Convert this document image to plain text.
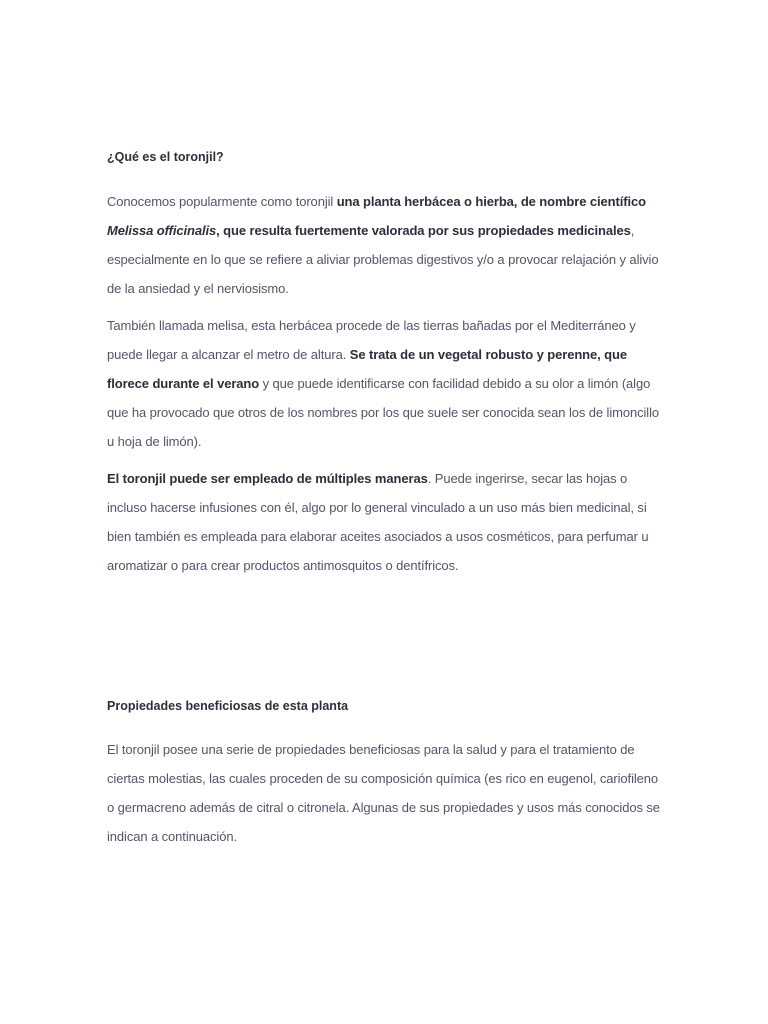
¿Qué es el toronjil?

Conocemos popularmente como toronjil una planta herbácea o hierba, de nombre científico Melissa officinalis, que resulta fuertemente valorada por sus propiedades medicinales, especialmente en lo que se refiere a aliviar problemas digestivos y/o a provocar relajación y alivio de la ansiedad y el nerviosismo.

También llamada melisa, esta herbácea procede de las tierras bañadas por el Mediterráneo y puede llegar a alcanzar el metro de altura. Se trata de un vegetal robusto y perenne, que florece durante el verano y que puede identificarse con facilidad debido a su olor a limón (algo que ha provocado que otros de los nombres por los que suele ser conocida sean los de limoncillo u hoja de limón).

El toronjil puede ser empleado de múltiples maneras. Puede ingerirse, secar las hojas o incluso hacerse infusiones con él, algo por lo general vinculado a un uso más bien medicinal, si bien también es empleada para elaborar aceites asociados a usos cosméticos, para perfumar u aromatizar o para crear productos antimosquitos o dentífricos.

Propiedades beneficiosas de esta planta

El toronjil posee una serie de propiedades beneficiosas para la salud y para el tratamiento de ciertas molestias, las cuales proceden de su composición química (es rico en eugenol, cariofileno o germacreno además de citral o citronela. Algunas de sus propiedades y usos más conocidos se indican a continuación.
